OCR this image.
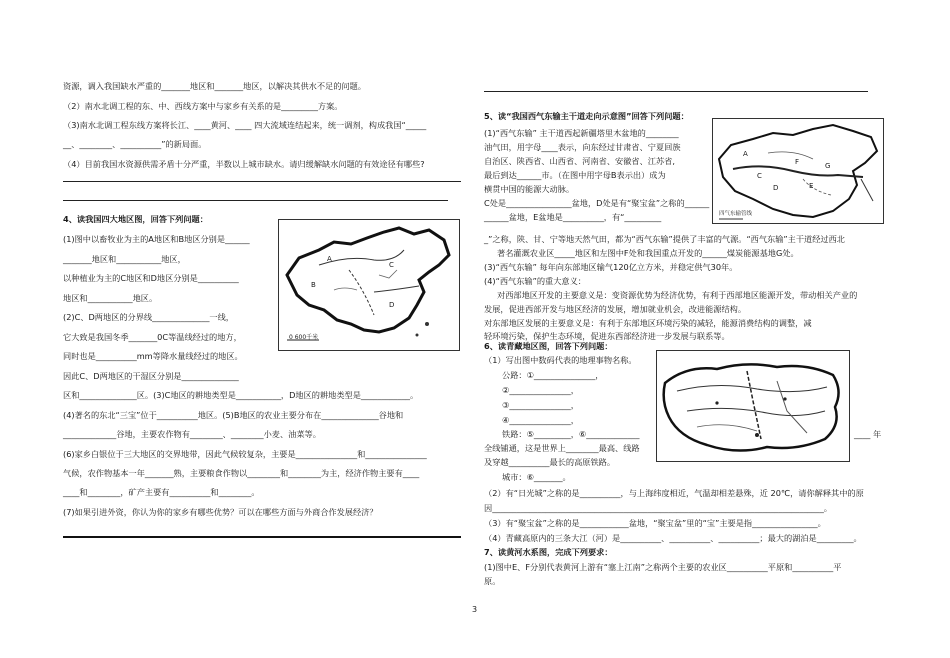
资源，调入我国缺水严重的_______地区和_______地区，以解决其供水不足的问题。
（2）南水北调工程的东、中、西线方案中与家乡有关系的是_________方案。
（3)南水北调工程东线方案将长江、____黄河、____ 四大流域连结起来，统一调剂，构成我国“_____
__、________、__________”的新局面。
（4）目前我国水资源供需矛盾十分严重，半数以上城市缺水。请归缓解缺水问题的有效途径有哪些?
4、读我国四大地区图，回答下列问题：
(1)图中以畜牧业为主的A地区和B地区分别是______
_______地区和___________地区，
以种植业为主的C地区和D地区分别是__________
地区和___________地区。
(2)C、D两地区的分界线______________一线，
它大致是我国冬季_______0C等温线经过的地方，
同时也是__________mm等降水量线经过的地区。
因此C、D两地区的干湿区分别是______________
区和______________区。(3)C地区的耕地类型是___________，D地区的耕地类型是____________。
(4)著名的东北“三宝”位于__________地区。(5)B地区的农业主要分布在______________谷地和
_____________谷地，主要农作物有________、________小麦、油菜等。
(6)家乡白银位于三大地区的交界地带，因此气候较复杂，主要是_______________和_______________
气候，农作物基本一年_______熟，主要粮食作物以________和________为主，经济作物主要有____
____和________，矿产主要有__________和________。
(7)如果引进外资，你认为你的家乡有哪些优势？可以在哪些方面与外商合作发展经济？
A
B
C
D
0 600千米
5、读“我国西气东输主干道走向示意图”回答下列问题：
(1)“西气东输” 主干道西起新疆塔里木盆地的________
油气田，用字母____表示，向东经过甘肃省、宁夏回族
自治区、陕西省、山西省、河南省、安徽省、江苏省,
最后到达______市。（在图中用字母B表示出）成为
横贯中国的能源大动脉。
C处是________________盆地，D处是有“聚宝盆”之称的______
______盆地，E盆地是__________，有“_________
_”之称，陕、甘、宁等地天然气田，都为“西气东输”提供了丰富的气源。“西气东输”主干道经过西北
著名灌溉农业区_____地区和左图中F处和我国重点开发的______煤炭能源基地G处。
(3)“西气东输” 每年向东部地区输气120亿立方米，并稳定供气30年。
(4)“西气东输”的重大意义：
对西部地区开发的主要意义是：变资源优势为经济优势，有利于西部地区能源开发，带动相关产业的
发展，促进西部开发与地区经济的发展，增加就业机会，改进能源结构。
对东部地区发展的主要意义是：有利于东部地区环境污染的减轻，能源消费结构的调整，减
轻环境污染，保护生态环境，促进东西部经济进一步发展与联系等。
A
C
D	E
F	G
四气东输管线
6、读青藏地区图，回答下列问题：
（1）写出图中数码代表的地理事物名称。
公路：①_______________，
②_______________，
③_______________，
④_______________，
铁路：⑤_________，⑥_____________
全线铺通，这是世界上________最高、线路
及穿越__________最长的高原铁路。
城市：⑥_______。
（2）有“日光城”之称的是__________，与上海纬度相近，气温却相差悬殊，近 20℃，请你解释其中的原
因_________________________________________________________________________________。
（3）有“聚宝盆”之称的是____________盆地，“聚宝盆”里的“宝”主要是指________________。
（4）青藏高原内的三条大江（河）是__________、__________、__________；最大的湖泊是_________。
____ 年
7、读黄河水系图，完成下列要求：
(1)图中E、F分别代表黄河上游有“塞上江南”之称两个主要的农业区__________平原和__________平
原。
3
